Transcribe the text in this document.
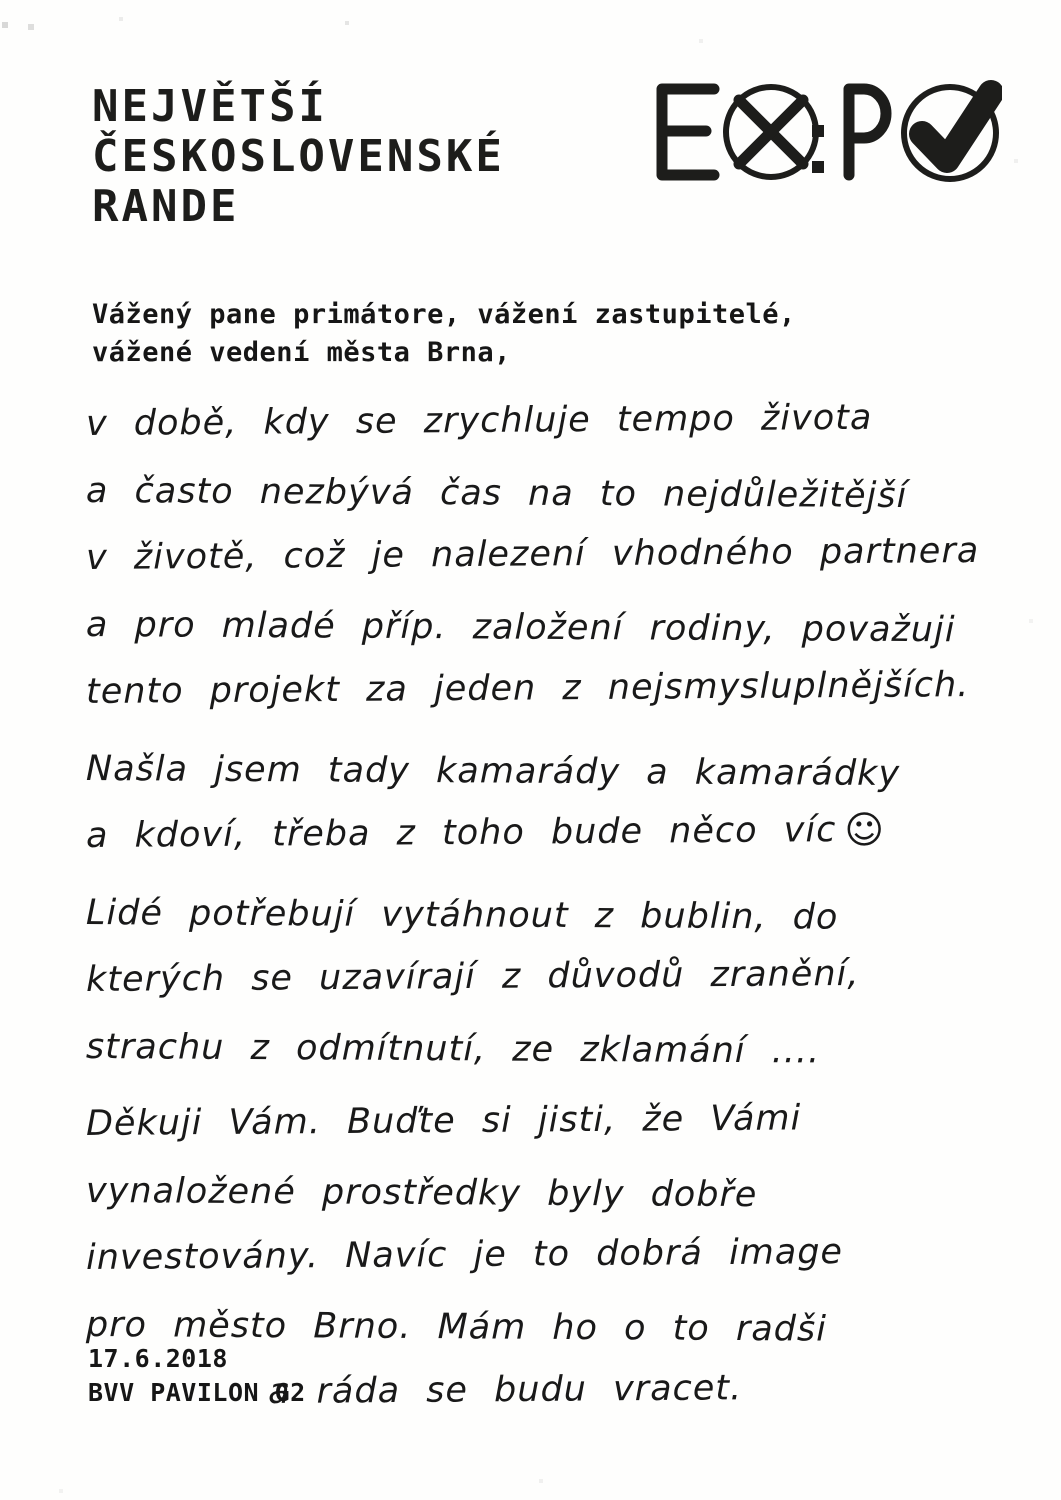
NEJVĚTŠÍ
ČESKOSLOVENSKÉ
RANDE
Vážený pane primátore, vážení zastupitelé,
vážené vedení města Brna,
v době, kdy se zrychluje tempo života
a často nezbývá čas na to nejdůležitější
v životě, což je nalezení vhodného partnera
a pro mladé příp. založení rodiny, považuji
tento projekt za jeden z nejsmysluplnějších.
Našla jsem tady kamarády a kamarádky
a kdoví, třeba z toho bude něco víc ☺
Lidé potřebují vytáhnout z bublin, do
kterých se uzavírají z důvodů zranění,
strachu z odmítnutí, ze zklamání ....
Děkuji Vám. Buďte si jisti, že Vámi
vynaložené prostředky byly dobře
investovány. Navíc je to dobrá image
pro město Brno. Mám ho o to radši
a ráda se budu vracet.
17.6.2018
BVV PAVILON G2
